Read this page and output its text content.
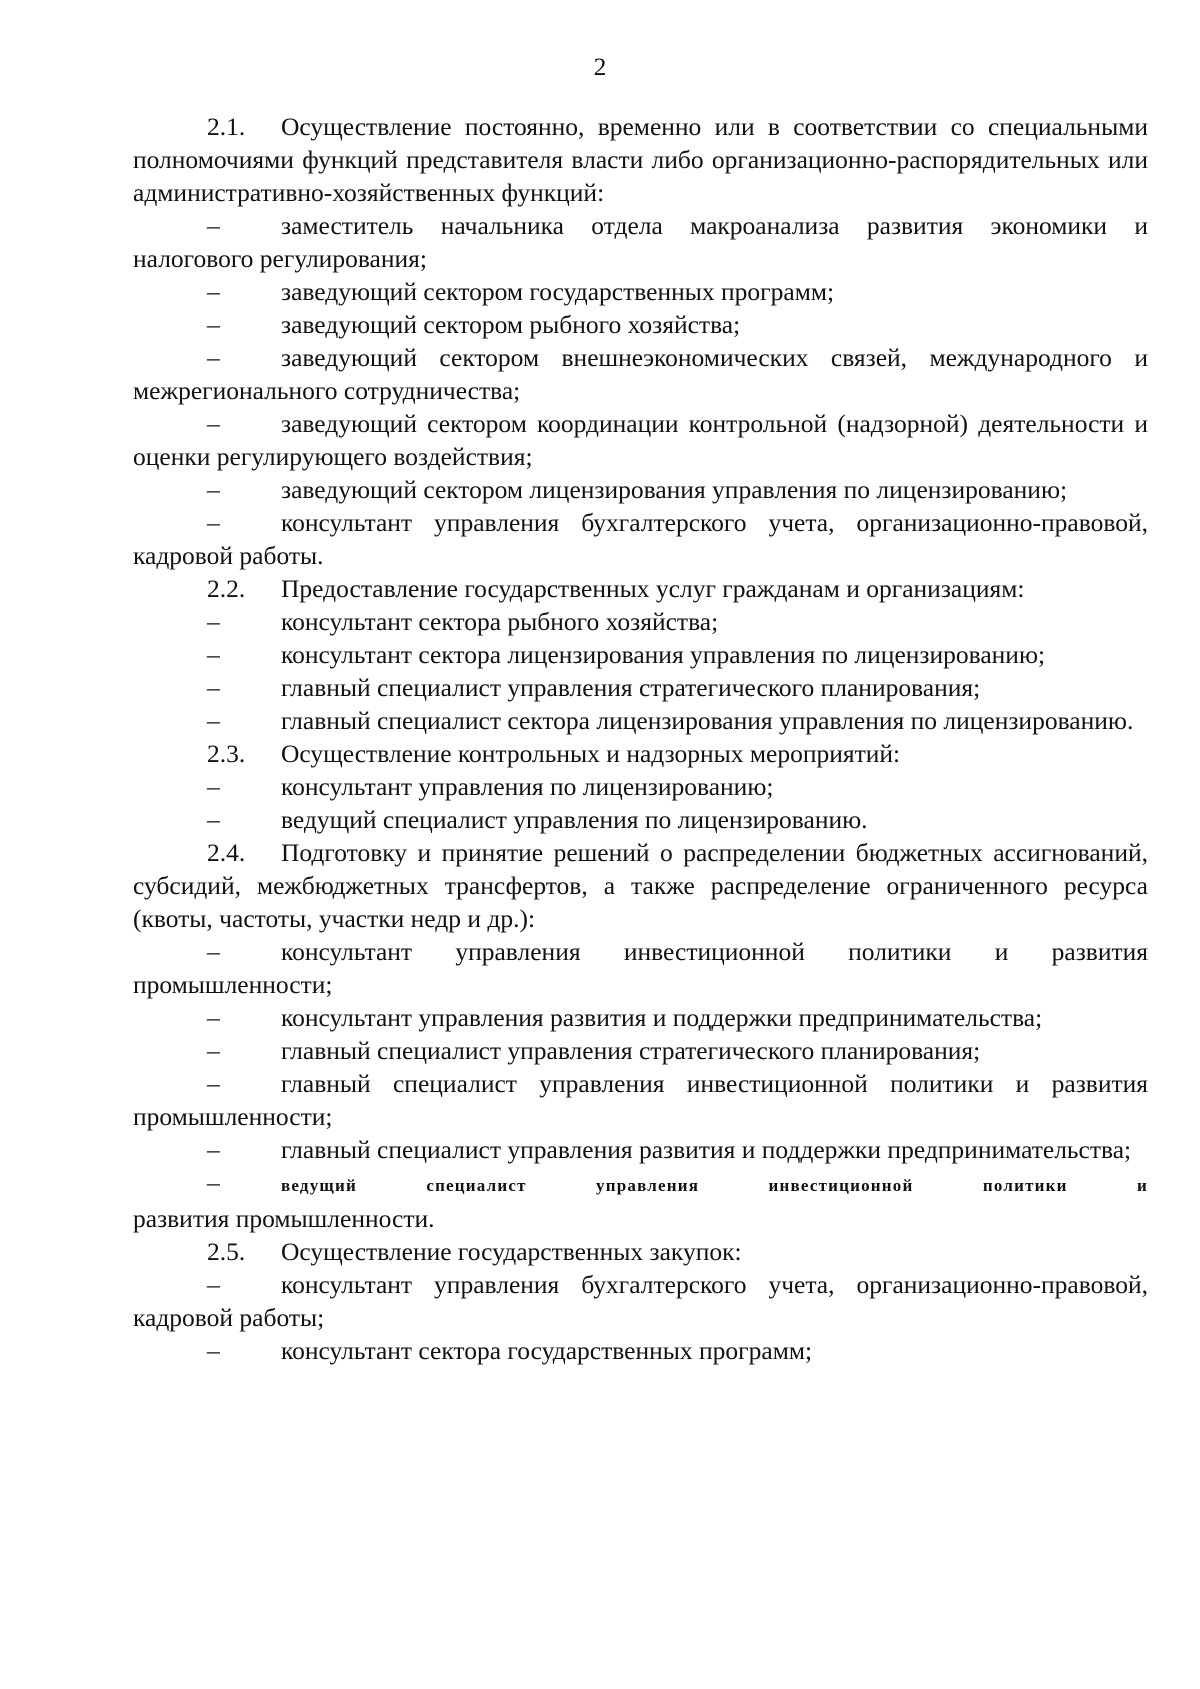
2

2.1. Осуществление постоянно, временно или в соответствии со специальными полномочиями функций представителя власти либо организационно-распорядительных или административно-хозяйственных функций:

– заместитель начальника отдела макроанализа развития экономики и налогового регулирования;

– заведующий сектором государственных программ;

– заведующий сектором рыбного хозяйства;

– заведующий сектором внешнеэкономических связей, международного и межрегионального сотрудничества;

– заведующий сектором координации контрольной (надзорной) деятельности и оценки регулирующего воздействия;

– заведующий сектором лицензирования управления по лицензированию;

– консультант управления бухгалтерского учета, организационно-правовой, кадровой работы.

2.2. Предоставление государственных услуг гражданам и организациям:

– консультант сектора рыбного хозяйства;

– консультант сектора лицензирования управления по лицензированию;

– главный специалист управления стратегического планирования;

– главный специалист сектора лицензирования управления по лицензированию.

2.3. Осуществление контрольных и надзорных мероприятий:

– консультант управления по лицензированию;

– ведущий специалист управления по лицензированию.

2.4. Подготовку и принятие решений о распределении бюджетных ассигнований, субсидий, межбюджетных трансфертов, а также распределение ограниченного ресурса (квоты, частоты, участки недр и др.):

– консультант управления инвестиционной политики и развития промышленности;

– консультант управления развития и поддержки предпринимательства;

– главный специалист управления стратегического планирования;

– главный специалист управления инвестиционной политики и развития промышленности;

– главный специалист управления развития и поддержки предпринимательства;

–	ведущий специалист управления инвестиционной политики и

развития промышленности.

2.5. Осуществление государственных закупок:

– консультант управления бухгалтерского учета, организационно-правовой, кадровой работы;

– консультант сектора государственных программ;
